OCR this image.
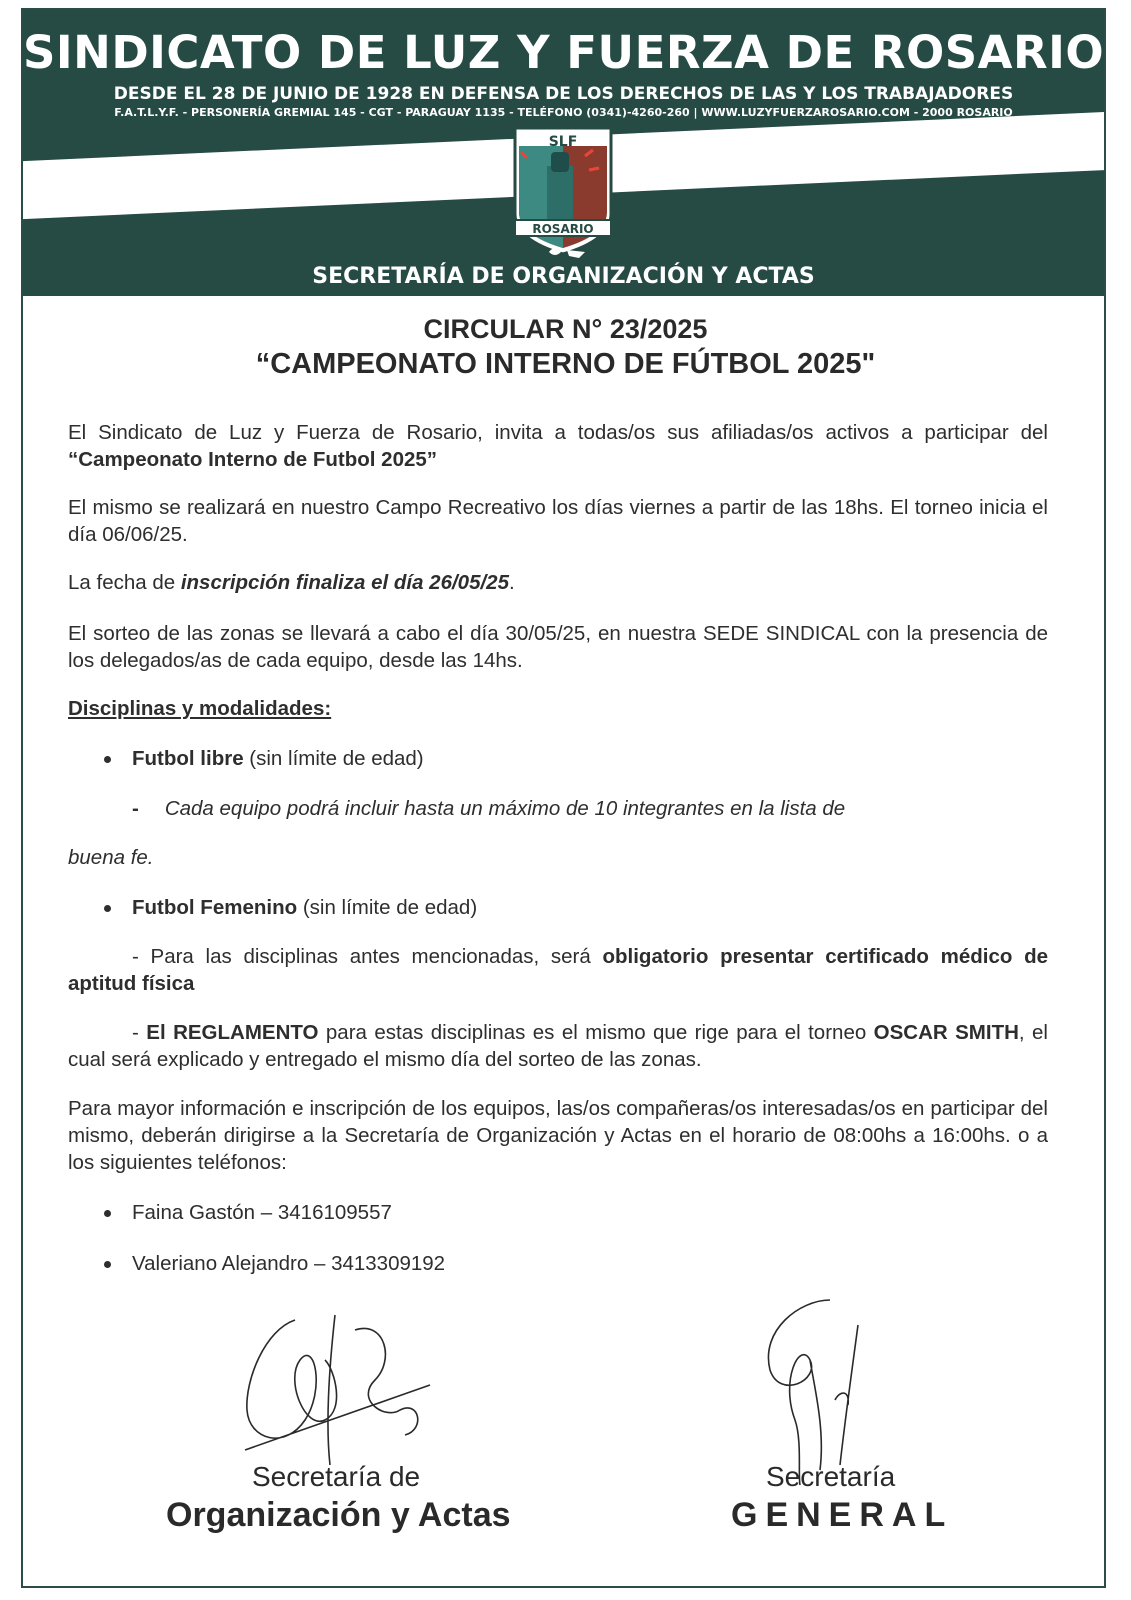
SINDICATO DE LUZ Y FUERZA DE ROSARIO
DESDE EL 28 DE JUNIO DE 1928 EN DEFENSA DE LOS DERECHOS DE LAS Y LOS TRABAJADORES
F.A.T.L.Y.F. - PERSONERÍA GREMIAL 145 - CGT - PARAGUAY 1135 - TELÉFONO (0341)-4260-260 | WWW.LUZYFUERZAROSARIO.COM - 2000 ROSARIO
SLF
ROSARIO
SECRETARÍA DE ORGANIZACIÓN Y ACTAS
CIRCULAR N° 23/2025
“CAMPEONATO INTERNO DE FÚTBOL 2025"
El Sindicato de Luz y Fuerza de Rosario, invita a todas/os sus afiliadas/os activos a participar del “Campeonato Interno de Futbol 2025”
El mismo se realizará en nuestro Campo Recreativo los días viernes a partir de las 18hs. El torneo inicia el día 06/06/25.
La fecha de inscripción finaliza el día 26/05/25.
El sorteo de las zonas se llevará a cabo el día 30/05/25, en nuestra SEDE SINDICAL con la presencia de los delegados/as de cada equipo, desde las 14hs.
Disciplinas y modalidades:
Futbol libre (sin límite de edad)
- Cada equipo podrá incluir hasta un máximo de 10 integrantes en la lista de
buena fe.
Futbol Femenino (sin límite de edad)
- Para las disciplinas antes mencionadas, será obligatorio presentar certificado médico de aptitud física
- El REGLAMENTO para estas disciplinas es el mismo que rige para el torneo OSCAR SMITH, el cual será explicado y entregado el mismo día del sorteo de las zonas.
Para mayor información e inscripción de los equipos, las/os compañeras/os interesadas/os en participar del mismo, deberán dirigirse a la Secretaría de Organización y Actas en el horario de 08:00hs a 16:00hs. o a los siguientes teléfonos:
Faina Gastón – 3416109557
Valeriano Alejandro – 3413309192
Secretaría de
Organización y Actas
Secretaría
GENERAL
